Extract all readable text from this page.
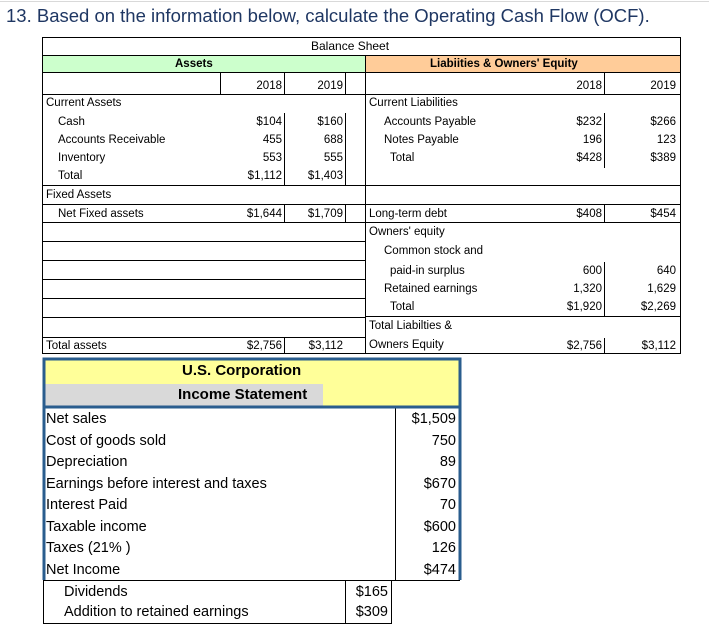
13. Based on the information below, calculate the Operating Cash Flow (OCF).
Balance Sheet
Assets	Liabiities & Owners' Equity
2018	2019	2018	2019
Current Assets
Cash	$104	$160
Accounts Receivable	455	688
Inventory	553	555
Total	$1,112	$1,403
Fixed Assets
Net Fixed assets	$1,644	$1,709
Total assets	$2,756	$3,112
Current Liabilities
Accounts Payable	$232	$266
Notes Payable	196	123
Total	$428	$389
Long-term debt	$408	$454
Owners' equity
Common stock and
paid-in surplus	600	640
Retained earnings	1,320	1,629
Total	$1,920	$2,269
Total Liabilties &
Owners Equity	$2,756	$3,112
U.S. Corporation
Income Statement
Net sales	$1,509
Cost of goods sold	750
Depreciation	89
Earnings before interest and taxes	$670
Interest Paid	70
Taxable income	$600
Taxes (21% )	126
Net Income	$474
Dividends	$165
Addition to retained earnings	$309
